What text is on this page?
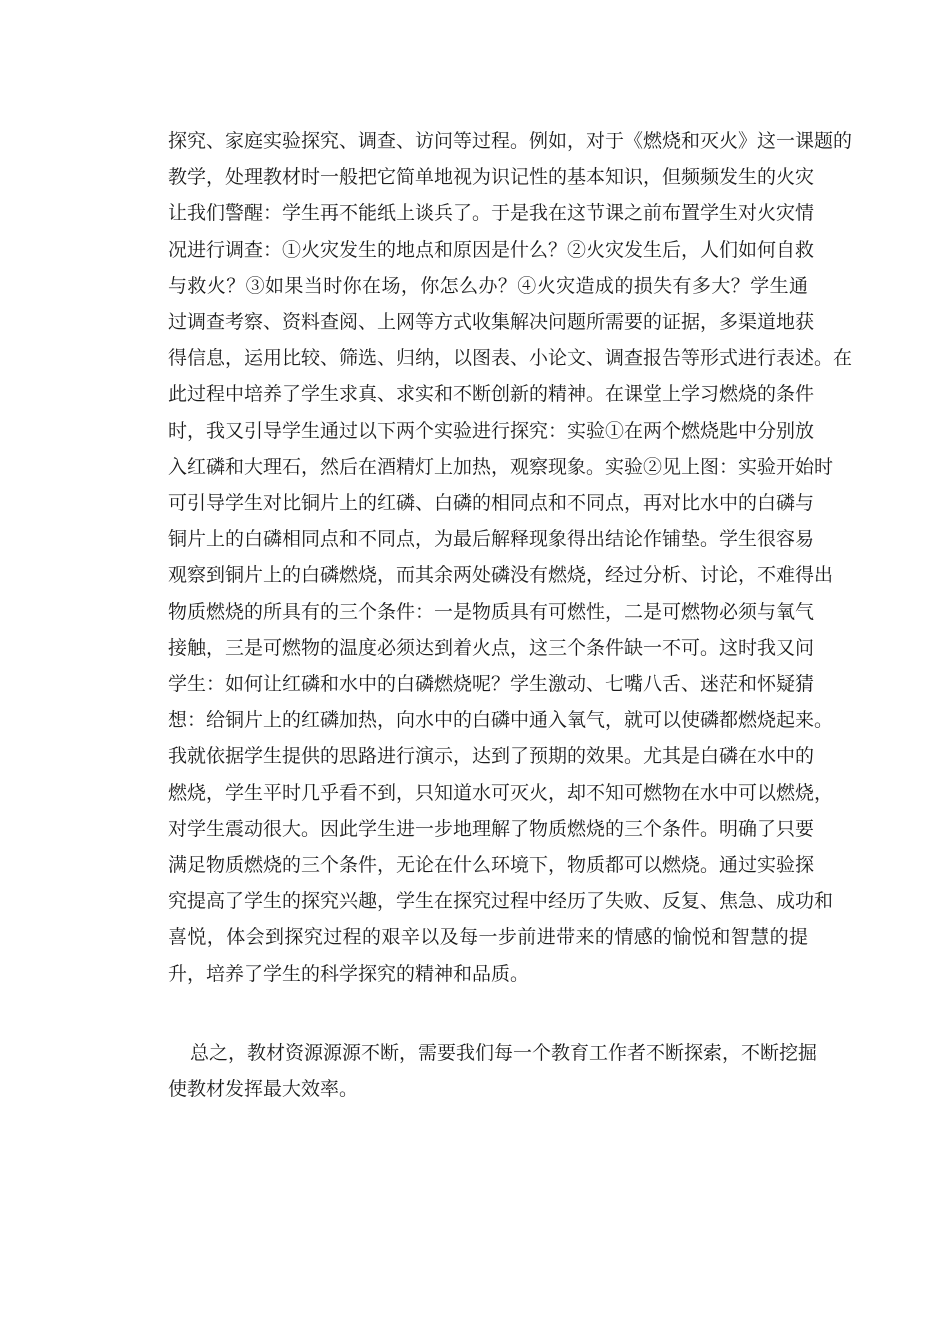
探究、家庭实验探究、调查、访问等过程。例如，对于《燃烧和灭火》这一课题的
教学，处理教材时一般把它简单地视为识记性的基本知识，但频频发生的火灾
让我们警醒：学生再不能纸上谈兵了。于是我在这节课之前布置学生对火灾情
况进行调查：①火灾发生的地点和原因是什么？②火灾发生后，人们如何自救
与救火？③如果当时你在场，你怎么办？④火灾造成的损失有多大？学生通
过调查考察、资料查阅、上网等方式收集解决问题所需要的证据，多渠道地获
得信息，运用比较、筛选、归纳，以图表、小论文、调查报告等形式进行表述。在
此过程中培养了学生求真、求实和不断创新的精神。在课堂上学习燃烧的条件
时，我又引导学生通过以下两个实验进行探究：实验①在两个燃烧匙中分别放
入红磷和大理石，然后在酒精灯上加热，观察现象。实验②见上图：实验开始时
可引导学生对比铜片上的红磷、白磷的相同点和不同点，再对比水中的白磷与
铜片上的白磷相同点和不同点，为最后解释现象得出结论作铺垫。学生很容易
观察到铜片上的白磷燃烧，而其余两处磷没有燃烧，经过分析、讨论，不难得出
物质燃烧的所具有的三个条件：一是物质具有可燃性，二是可燃物必须与氧气
接触，三是可燃物的温度必须达到着火点，这三个条件缺一不可。这时我又问
学生：如何让红磷和水中的白磷燃烧呢？学生激动、七嘴八舌、迷茫和怀疑猜
想：给铜片上的红磷加热，向水中的白磷中通入氧气，就可以使磷都燃烧起来。
我就依据学生提供的思路进行演示，达到了预期的效果。尤其是白磷在水中的
燃烧，学生平时几乎看不到，只知道水可灭火，却不知可燃物在水中可以燃烧，
对学生震动很大。因此学生进一步地理解了物质燃烧的三个条件。明确了只要
满足物质燃烧的三个条件，无论在什么环境下，物质都可以燃烧。通过实验探
究提高了学生的探究兴趣，学生在探究过程中经历了失败、反复、焦急、成功和
喜悦，体会到探究过程的艰辛以及每一步前进带来的情感的愉悦和智慧的提
升，培养了学生的科学探究的精神和品质。
总之，教材资源源源不断，需要我们每一个教育工作者不断探索，不断挖掘
使教材发挥最大效率。
